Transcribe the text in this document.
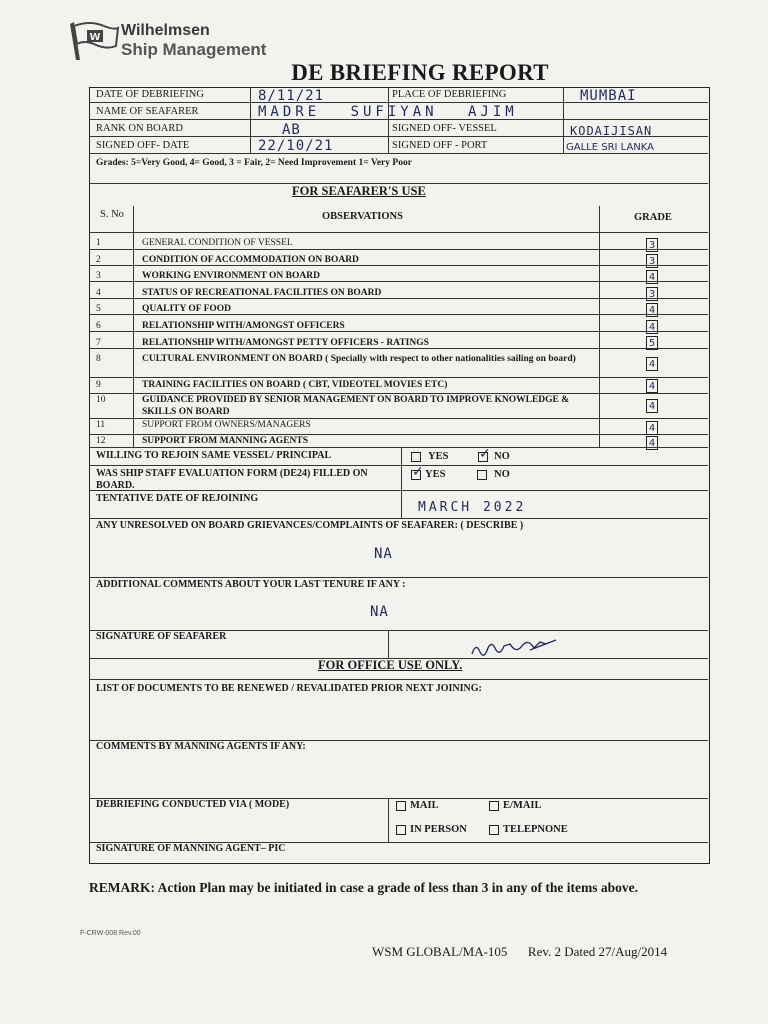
W Wilhelmsen
Ship Management
DE BRIEFING REPORT
DATE OF DEBRIEFING	8/11/21	PLACE OF DEBRIEFING	MUMBAI
NAME OF SEAFARER	MADRE SUFIYAN AJIM
RANK ON BOARD	AB	SIGNED OFF- VESSEL	KODAIJISAN
SIGNED OFF- DATE	22/10/21	SIGNED OFF - PORT	GALLE SRI LANKA
Grades: 5=Very Good, 4= Good, 3 = Fair, 2= Need Improvement 1= Very Poor
FOR SEAFARER'S USE
S. No	OBSERVATIONS	GRADE
1	GENERAL CONDITION OF VESSEL	3
2	CONDITION OF ACCOMMODATION ON BOARD	3
3	WORKING ENVIRONMENT ON BOARD	4
4	STATUS OF RECREATIONAL FACILITIES ON BOARD	3
5	QUALITY OF FOOD	4
6	RELATIONSHIP WITH/AMONGST OFFICERS	4
7	RELATIONSHIP WITH/AMONGST PETTY OFFICERS - RATINGS	5
8	CULTURAL ENVIRONMENT ON BOARD ( Specially with respect to other nationalities sailing on board)	4
9	TRAINING FACILITIES ON BOARD ( CBT, VIDEOTEL MOVIES ETC)	4
10	GUIDANCE PROVIDED BY SENIOR MANAGEMENT ON BOARD TO IMPROVE KNOWLEDGE & SKILLS ON BOARD	4
11	SUPPORT FROM OWNERS/MANAGERS	4
12	SUPPORT FROM MANNING AGENTS	4
WILLING TO REJOIN SAME VESSEL/ PRINCIPAL	YES
✓	NO
WAS SHIP STAFF EVALUATION FORM (DE24) FILLED ON BOARD.
✓
YES	NO
TENTATIVE DATE OF REJOINING
MARCH 2022
ANY UNRESOLVED ON BOARD GRIEVANCES/COMPLAINTS OF SEAFARER: ( DESCRIBE )
NA
ADDITIONAL COMMENTS ABOUT YOUR LAST TENURE IF ANY :
NA
SIGNATURE OF SEAFARER
FOR OFFICE USE ONLY.
LIST OF DOCUMENTS TO BE RENEWED / REVALIDATED PRIOR NEXT JOINING:
COMMENTS BY MANNING AGENTS IF ANY:
DEBRIEFING CONDUCTED VIA ( MODE)	MAIL	E/MAIL
IN PERSON	TELEPNONE
SIGNATURE OF MANNING AGENT– PIC
REMARK: Action Plan may be initiated in case a grade of less than 3 in any of the items above.
F-CRW-008 Rev.00
WSM GLOBAL/MA-105 Rev. 2 Dated 27/Aug/2014
